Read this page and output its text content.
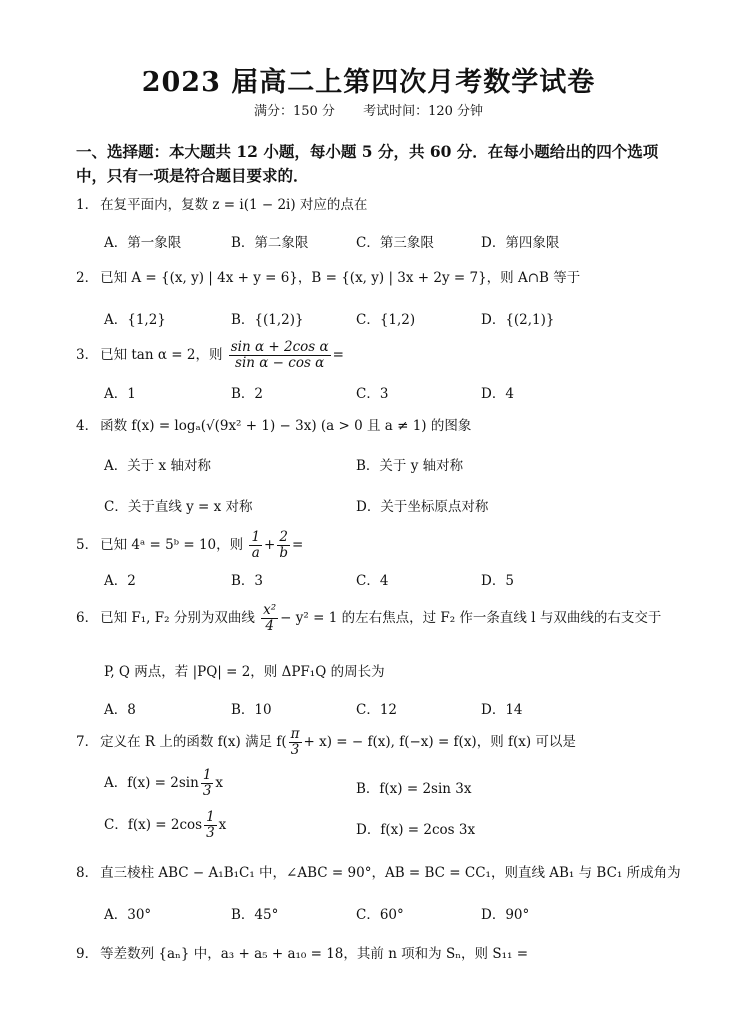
2023 届高二上第四次月考数学试卷
满分：150 分 考试时间：120 分钟
一、选择题：本大题共 12 小题，每小题 5 分，共 60 分．在每小题给出的四个选项中，只有一项是符合题目要求的．
1． 在复平面内，复数 z = i(1 − 2i) 对应的点在
A．第一象限	B．第二象限	C．第三象限	D．第四象限
2． 已知 A = {(x, y) | 4x + y = 6}，B = {(x, y) | 3x + 2y = 7}，则 A∩B 等于
A．{1,2}	B．{(1,2)}	C．{1,2)	D．{(2,1)}
3． 已知 tan α = 2，则 $\frac{\text{sin α + 2cos α}}{\text{sin α − cos α}}$ =
A．1	B．2	C．3	D．4
4． 函数 f(x) = logₐ(√(9x² + 1) − 3x) (a > 0 且 a ≠ 1) 的图象
A．关于 x 轴对称	B．关于 y 轴对称
C．关于直线 y = x 对称	D．关于坐标原点对称
5． 已知 4ᵃ = 5ᵇ = 10，则 $\frac{1}{a} + \frac{2}{b}$ =
A．2	B．3	C．4	D．5
6． 已知 F₁, F₂ 分别为双曲线 $\frac{\text{x²}}{4} - y^2 = 1$ 的左右焦点，过 F₂ 作一条直线 l 与双曲线的右支交于
P, Q 两点，若 |PQ| = 2，则 ΔPF₁Q 的周长为
A．8	B．10	C．12	D．14
7． 定义在 R 上的函数 f(x) 满足 $f( \frac{\pi}{3} + x)$ = − f(x), f(−x) = f(x)，则 f(x) 可以是
A．$f(x) = 2\sin \frac{1}{3}$ x	B．f(x) = 2sin 3x
C．$f(x) = 2\cos \frac{1}{3}$ x	D．f(x) = 2cos 3x
8． 直三棱柱 ABC − A₁B₁C₁ 中，∠ABC = 90°，AB = BC = CC₁，则直线 AB₁ 与 BC₁ 所成角为
A．30°	B．45°	C．60°	D．90°
9． 等差数列 {aₙ} 中，a₃ + a₅ + a₁₀ = 18，其前 n 项和为 Sₙ，则 S₁₁ =
